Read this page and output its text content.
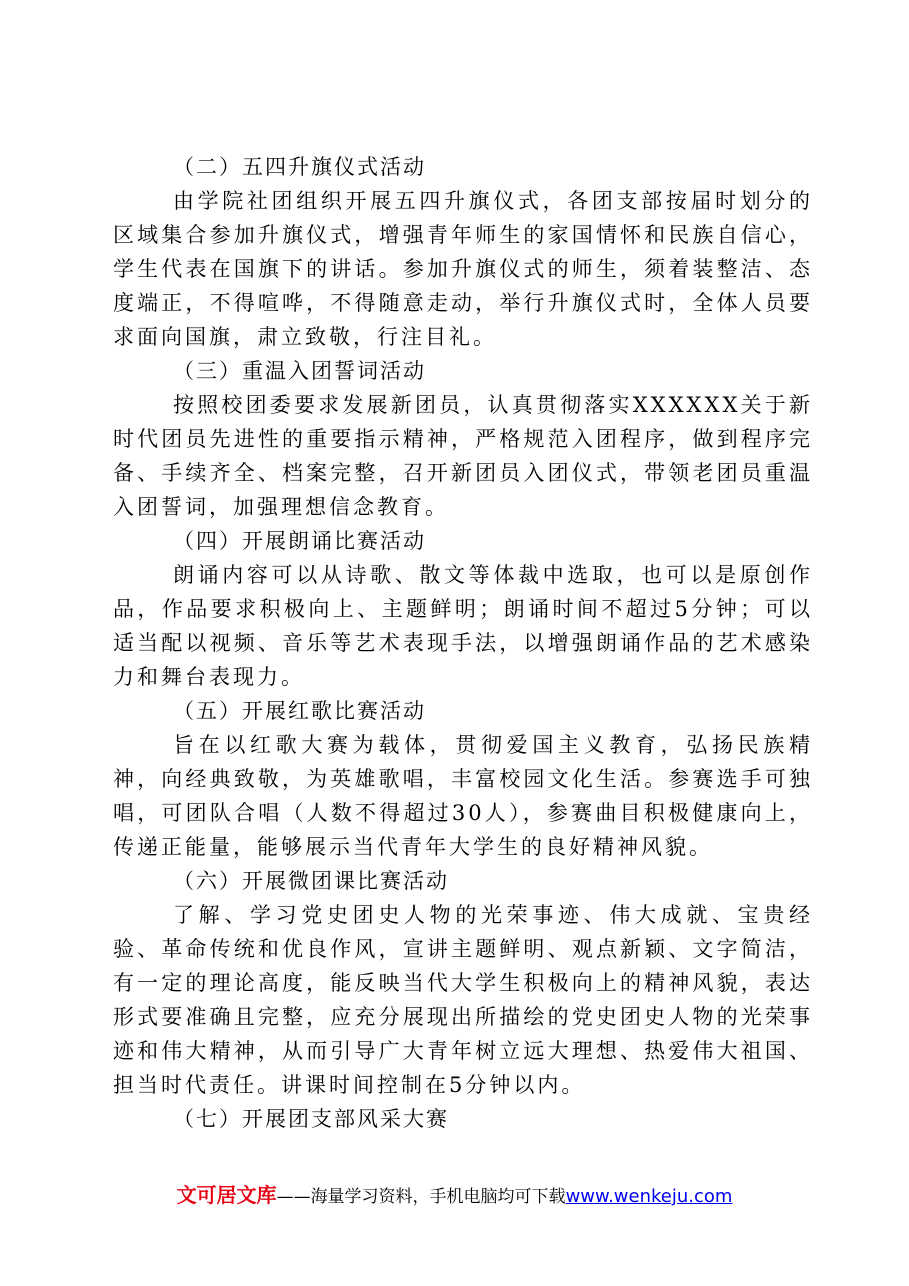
（二）五四升旗仪式活动

由学院社团组织开展五四升旗仪式，各团支部按届时划分的区域集合参加升旗仪式，增强青年师生的家国情怀和民族自信心，学生代表在国旗下的讲话。参加升旗仪式的师生，须着装整洁、态度端正，不得喧哗，不得随意走动，举行升旗仪式时，全体人员要求面向国旗，肃立致敬，行注目礼。

（三）重温入团誓词活动

按照校团委要求发展新团员，认真贯彻落实XXXXXX关于新时代团员先进性的重要指示精神，严格规范入团程序，做到程序完备、手续齐全、档案完整，召开新团员入团仪式，带领老团员重温入团誓词，加强理想信念教育。

（四）开展朗诵比赛活动

朗诵内容可以从诗歌、散文等体裁中选取，也可以是原创作品，作品要求积极向上、主题鲜明；朗诵时间不超过5分钟；可以适当配以视频、音乐等艺术表现手法，以增强朗诵作品的艺术感染力和舞台表现力。

（五）开展红歌比赛活动

旨在以红歌大赛为载体，贯彻爱国主义教育，弘扬民族精神，向经典致敬，为英雄歌唱，丰富校园文化生活。参赛选手可独唱，可团队合唱（人数不得超过30人），参赛曲目积极健康向上，传递正能量，能够展示当代青年大学生的良好精神风貌。

（六）开展微团课比赛活动

了解、学习党史团史人物的光荣事迹、伟大成就、宝贵经验、革命传统和优良作风，宣讲主题鲜明、观点新颖、文字简洁，有一定的理论高度，能反映当代大学生积极向上的精神风貌，表达形式要准确且完整，应充分展现出所描绘的党史团史人物的光荣事迹和伟大精神，从而引导广大青年树立远大理想、热爱伟大祖国、担当时代责任。讲课时间控制在5分钟以内。

（七）开展团支部风采大赛

文可居文库——海量学习资料，手机电脑均可下载www.wenkeju.com
